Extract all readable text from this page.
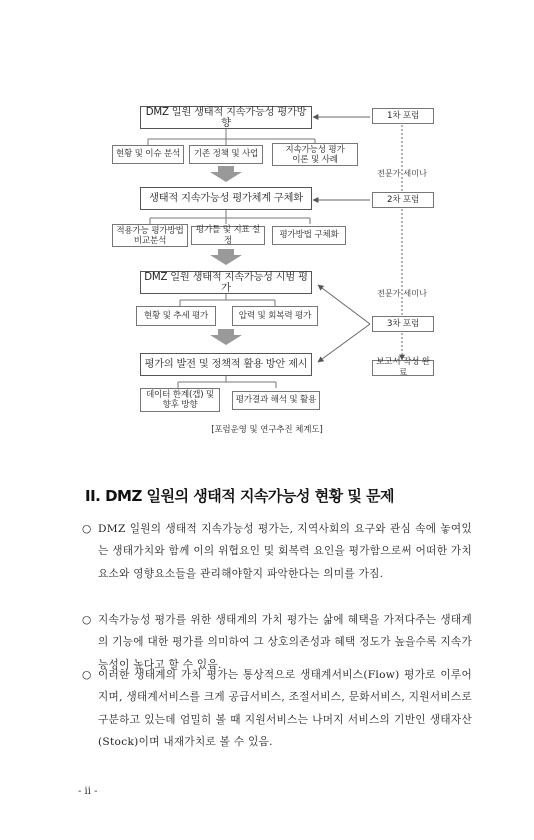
DMZ 일원 생태적 지속가능성 평가방향
생태적 지속가능성 평가체계 구체화
DMZ 일원 생태적 지속가능성 시범 평가
평가의 발전 및 정책적 활용 방안 제시
현황 및 이슈 분석	기존 정책 및 사업	지속가능성 평가
이론 및 사례
적용가능 평가방법
비교분석
평가틀 및 지표 설정
평가방법 구체화
현황 및 추세 평가	압력 및 회복력 평가
데이터 한계(갭) 및
향후 방향	평가결과 해석 및 활용
1차 포럼
2차 포럼
3차 포럼
보고서 작성 완료
전문가 세미나
전문가 세미나
[포럼운영 및 연구추진 체계도]
II. DMZ 일원의 생태적 지속가능성 현황 및 문제
○ DMZ 일원의 생태적 지속가능성 평가는, 지역사회의 요구와 관심 속에 놓여있는 생태가치와 함께 이의 위협요인 및 회복력 요인을 평가함으로써 어떠한 가치요소와 영향요소들을 관리해야할지 파악한다는 의미를 가짐.
○ 지속가능성 평가를 위한 생태계의 가치 평가는 삶에 혜택을 가져다주는 생태계의 기능에 대한 평가를 의미하여 그 상호의존성과 혜택 정도가 높을수록 지속가능성이 높다고 할 수 있음.
○ 이러한 생태계의 가치 평가는 통상적으로 생태계서비스(Flow) 평가로 이루어지며, 생태계서비스를 크게 공급서비스, 조절서비스, 문화서비스, 지원서비스로 구분하고 있는데 엄밀히 볼 때 지원서비스는 나머지 서비스의 기반인 생태자산(Stock)이며 내재가치로 볼 수 있음.
- ii -
